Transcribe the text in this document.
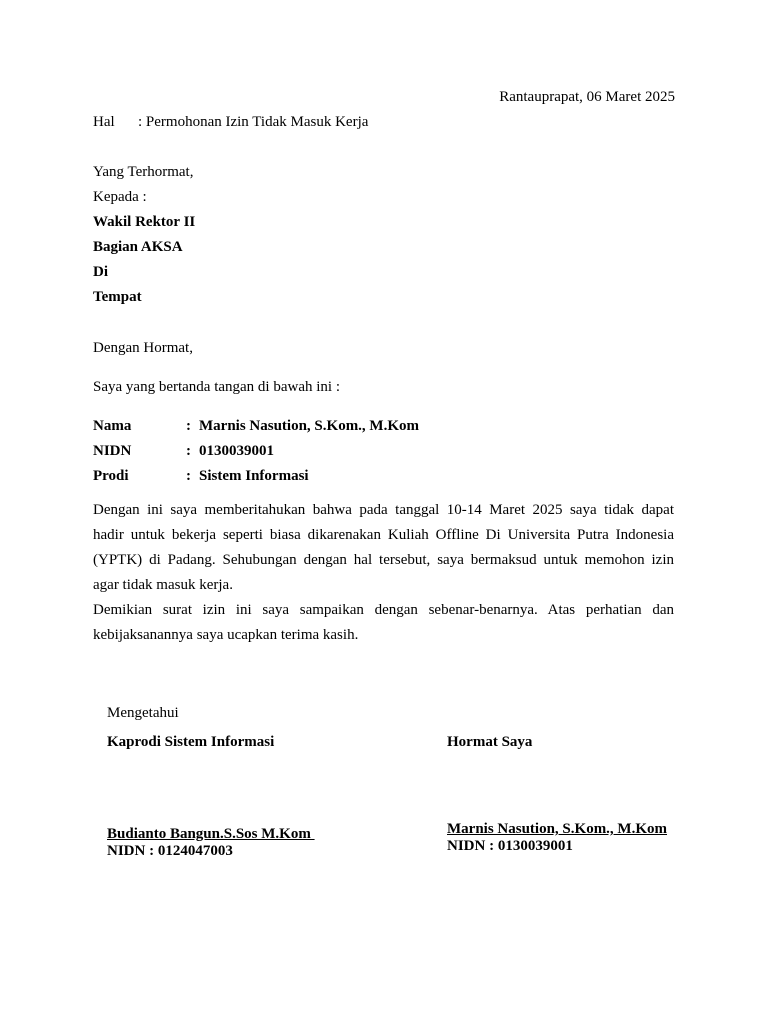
Rantauprapat, 06 Maret 2025
Hal : Permohonan Izin Tidak Masuk Kerja
Yang Terhormat,
Kepada :
Wakil Rektor II
Bagian AKSA
Di
Tempat
Dengan Hormat,
Saya yang bertanda tangan di bawah ini :
Nama	: Marnis Nasution, S.Kom., M.Kom
NIDN	: 0130039001
Prodi	: Sistem Informasi
Dengan ini saya memberitahukan bahwa pada tanggal 10-14 Maret 2025 saya tidak dapat
hadir untuk bekerja seperti biasa dikarenakan Kuliah Offline Di Universita Putra Indonesia
(YPTK) di Padang. Sehubungan dengan hal tersebut, saya bermaksud untuk memohon izin
agar tidak masuk kerja.
Demikian surat izin ini saya sampaikan dengan sebenar-benarnya. Atas perhatian dan
kebijaksanannya saya ucapkan terima kasih.
Mengetahui
Kaprodi Sistem Informasi
Budianto Bangun.S.Sos M.Kom
NIDN : 0124047003
Hormat Saya
Marnis Nasution, S.Kom., M.Kom
NIDN : 0130039001
